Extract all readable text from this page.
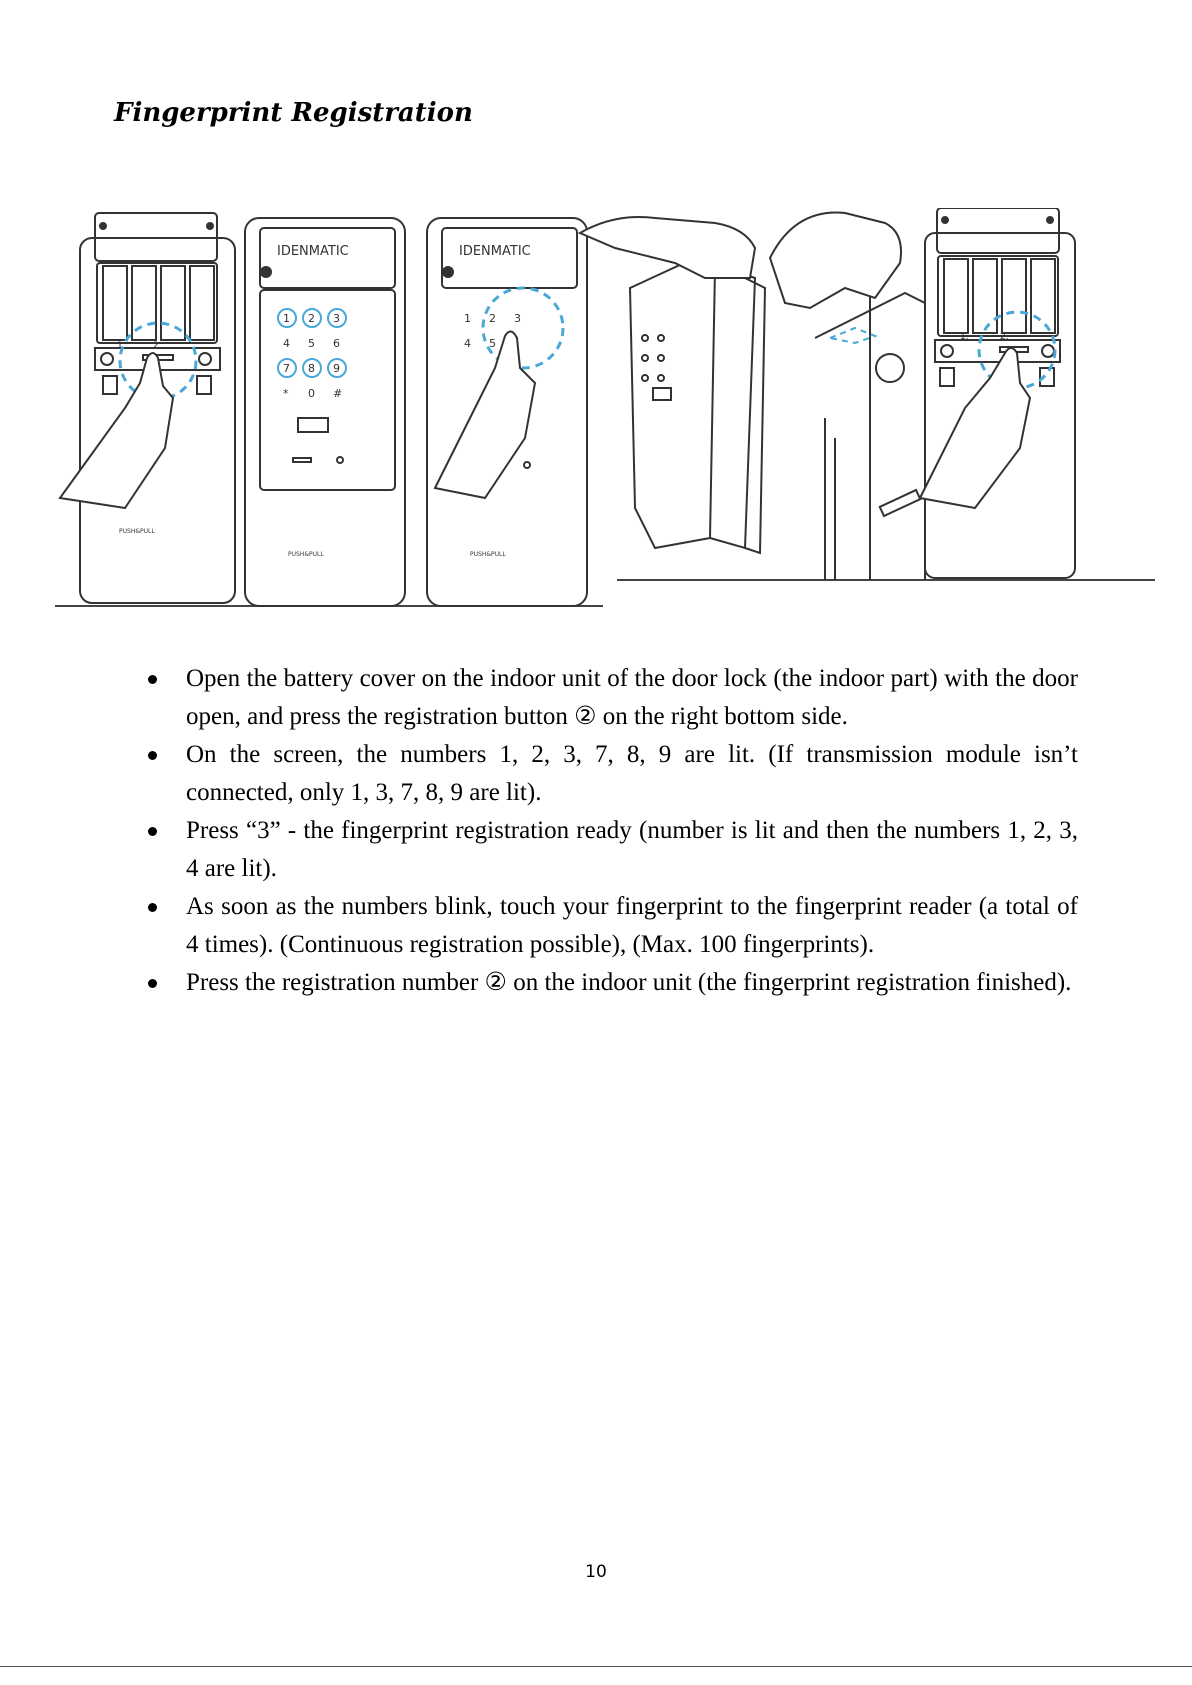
Fingerprint Registration
1.	2.
PUSH&PULL
IDENMATIC
1 2 3
4 5 6
7 8 9
* 0 #
PUSH&PULL
IDENMATIC
1 2 3
4 5
PUSH&PULL
1.	2.
Open the battery cover on the indoor unit of the door lock (the indoor part) with the door open, and press the registration button ② on the right bottom side.
On the screen, the numbers 1, 2, 3, 7, 8, 9 are lit. (If transmission module isn’t connected, only 1, 3, 7, 8, 9 are lit).
Press “3” - the fingerprint registration ready (number is lit and then the numbers 1, 2, 3, 4 are lit).
As soon as the numbers blink, touch your fingerprint to the fingerprint reader (a total of 4 times). (Continuous registration possible), (Max. 100 fingerprints).
Press the registration number ② on the indoor unit (the fingerprint registration finished).
10
